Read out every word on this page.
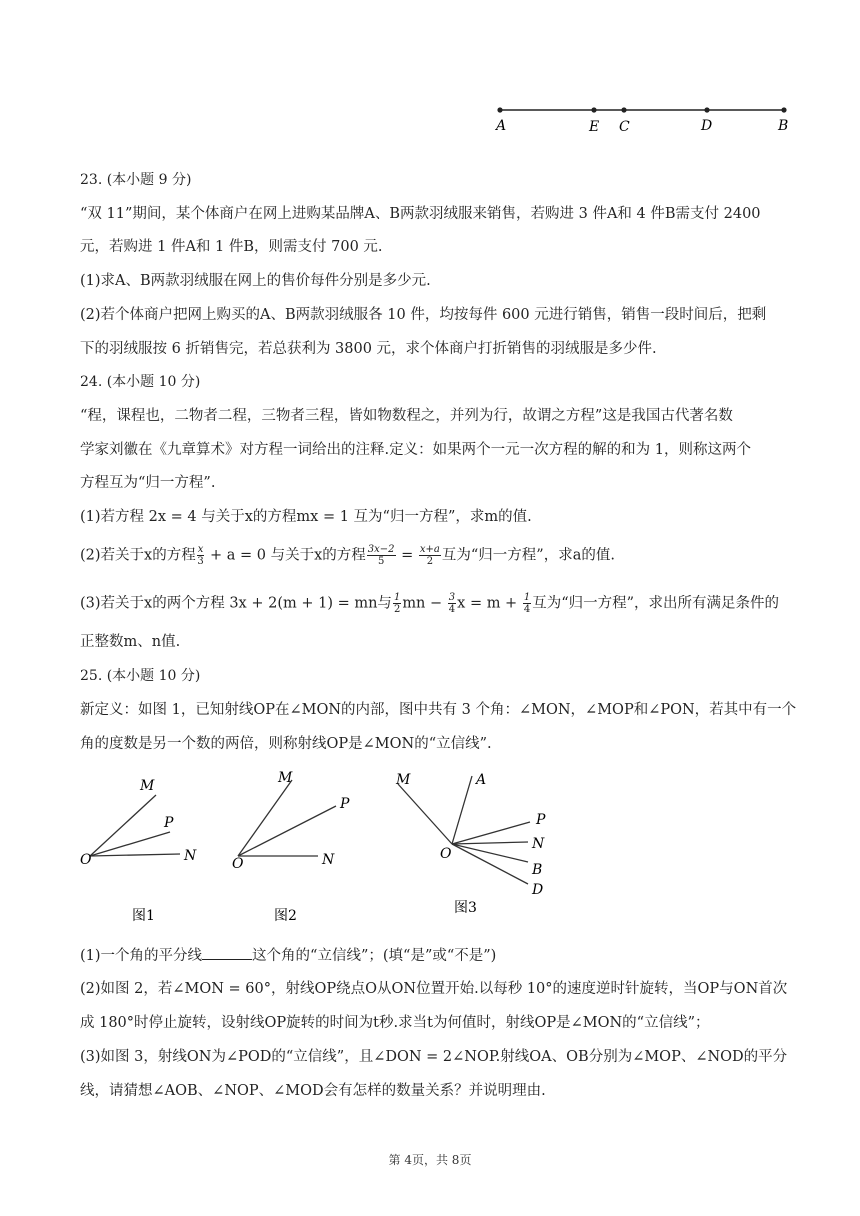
A	E C	D	B
23. (本小题 9 分)
“双 11”期间，某个体商户在网上进购某品牌A、B两款羽绒服来销售，若购进 3 件A和 4 件B需支付 2400
元，若购进 1 件A和 1 件B，则需支付 700 元.
(1)求A、B两款羽绒服在网上的售价每件分别是多少元.
(2)若个体商户把网上购买的A、B两款羽绒服各 10 件，均按每件 600 元进行销售，销售一段时间后，把剩
下的羽绒服按 6 折销售完，若总获利为 3800 元，求个体商户打折销售的羽绒服是多少件.
24. (本小题 10 分)
“程，课程也，二物者二程，三物者三程，皆如物数程之，并列为行，故谓之方程”这是我国古代著名数
学家刘徽在《九章算术》对方程一词给出的注释.定义：如果两个一元一次方程的解的和为 1，则称这两个
方程互为“归一方程”.
(1)若方程 2x = 4 与关于x的方程mx = 1 互为“归一方程”，求m的值.
(2)若关于x的方程 $\frac{x}{3} + a = 0$ 与关于x的方程 $\frac{3x-2}{5} = \frac{x+a}{2}$ 互为“归一方程”，求a的值.
(3)若关于x的两个方程 3x + 2(m + 1) = mn与 $\frac{1}{2}$ mn − $\frac{3}{4}$ $x = m + \frac{1}{4}$ 互为“归一方程”，求出所有满足条件的
正整数m、n值.
25. (本小题 10 分)
新定义：如图 1，已知射线OP在∠MON的内部，图中共有 3 个角：∠MON，∠MOP和∠PON，若其中有一个
角的度数是另一个数的两倍，则称射线OP是∠MON的“立信线”.
M
P
O	N
图1
M
P
O	N
图2
M	A
P
N
O
B
D
图3
(1)一个角的平分线	这个角的“立信线”；(填“是”或“不是”)
(2)如图 2，若∠MON = 60°，射线OP绕点O从ON位置开始.以每秒 10°的速度逆时针旋转，当OP与ON首次
成 180°时停止旋转，设射线OP旋转的时间为t秒.求当t为何值时，射线OP是∠MON的“立信线”；
(3)如图 3，射线ON为∠POD的“立信线”，且∠DON = 2∠NOP.射线OA、OB分别为∠MOP、∠NOD的平分
线，请猜想∠AOB、∠NOP、∠MOD会有怎样的数量关系？并说明理由.
第 4页，共 8页
